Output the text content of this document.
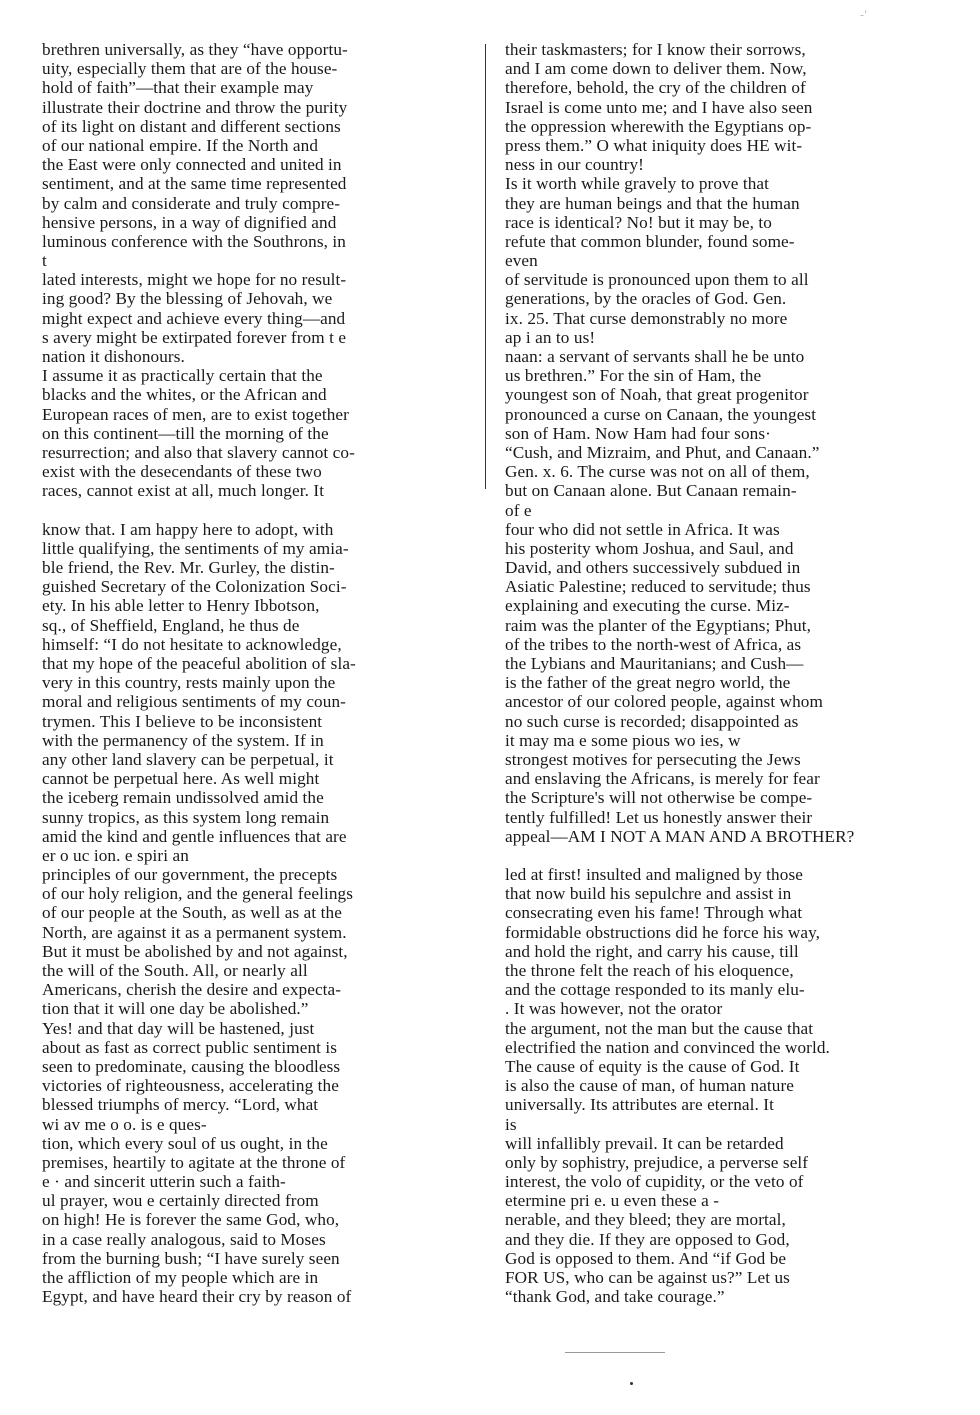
-'
brethren universally, as they “have opportu-
uity, especially them that are of the house-
hold of faith”—that their example may
illustrate their doctrine and throw the purity
of its light on distant and different sections
of our national empire. If the North and
the East were only connected and united in
sentiment, and at the same time represented
by calm and considerate and truly compre-
hensive persons, in a way of dignified and
luminous conference with the Southrons, in
t
lated interests, might we hope for no result-
ing good? By the blessing of Jehovah, we
might expect and achieve every thing—and
s avery might be extirpated forever from t e
nation it dishonours.
I assume it as practically certain that the
blacks and the whites, or the African and
European races of men, are to exist together
on this continent—till the morning of the
resurrection; and also that slavery cannot co-
exist with the desecendants of these two
races, cannot exist at all, much longer. It
know that. I am happy here to adopt, with
little qualifying, the sentiments of my amia-
ble friend, the Rev. Mr. Gurley, the distin-
guished Secretary of the Colonization Soci-
ety. In his able letter to Henry Ibbotson,
sq., of Sheffield, England, he thus de
himself: “I do not hesitate to acknowledge,
that my hope of the peaceful abolition of sla-
very in this country, rests mainly upon the
moral and religious sentiments of my coun-
trymen. This I believe to be inconsistent
with the permanency of the system. If in
any other land slavery can be perpetual, it
cannot be perpetual here. As well might
the iceberg remain undissolved amid the
sunny tropics, as this system long remain
amid the kind and gentle influences that are
er o uc ion. e spiri an
principles of our government, the precepts
of our holy religion, and the general feelings
of our people at the South, as well as at the
North, are against it as a permanent system.
But it must be abolished by and not against,
the will of the South. All, or nearly all
Americans, cherish the desire and expecta-
tion that it will one day be abolished.”
Yes! and that day will be hastened, just
about as fast as correct public sentiment is
seen to predominate, causing the bloodless
victories of righteousness, accelerating the
blessed triumphs of mercy. “Lord, what
wi av me o o. is e ques-
tion, which every soul of us ought, in the
premises, heartily to agitate at the throne of
e · and sincerit utterin such a faith-
ul prayer, wou e certainly directed from
on high! He is forever the same God, who,
in a case really analogous, said to Moses
from the burning bush; “I have surely seen
the affliction of my people which are in
Egypt, and have heard their cry by reason of
their taskmasters; for I know their sorrows,
and I am come down to deliver them. Now,
therefore, behold, the cry of the children of
Israel is come unto me; and I have also seen
the oppression wherewith the Egyptians op-
press them.” O what iniquity does HE wit-
ness in our country!
Is it worth while gravely to prove that
they are human beings and that the human
race is identical? No! but it may be, to
refute that common blunder, found some-
even
of servitude is pronounced upon them to all
generations, by the oracles of God. Gen.
ix. 25. That curse demonstrably no more
ap i an to us!
naan: a servant of servants shall he be unto
us brethren.” For the sin of Ham, the
youngest son of Noah, that great progenitor
pronounced a curse on Canaan, the youngest
son of Ham. Now Ham had four sons·
“Cush, and Mizraim, and Phut, and Canaan.”
Gen. x. 6. The curse was not on all of them,
but on Canaan alone. But Canaan remain-
of e
four who did not settle in Africa. It was
his posterity whom Joshua, and Saul, and
David, and others successively subdued in
Asiatic Palestine; reduced to servitude; thus
explaining and executing the curse. Miz-
raim was the planter of the Egyptians; Phut,
of the tribes to the north-west of Africa, as
the Lybians and Mauritanians; and Cush—
is the father of the great negro world, the
ancestor of our colored people, against whom
no such curse is recorded; disappointed as
it may ma e some pious wo ies, w
strongest motives for persecuting the Jews
and enslaving the Africans, is merely for fear
the Scripture's will not otherwise be compe-
tently fulfilled! Let us honestly answer their
appeal—AM I NOT A MAN AND A BROTHER?
led at first! insulted and maligned by those
that now build his sepulchre and assist in
consecrating even his fame! Through what
formidable obstructions did he force his way,
and hold the right, and carry his cause, till
the throne felt the reach of his eloquence,
and the cottage responded to its manly elu-
. It was however, not the orator
the argument, not the man but the cause that
electrified the nation and convinced the world.
The cause of equity is the cause of God. It
is also the cause of man, of human nature
universally. Its attributes are eternal. It
is
will infallibly prevail. It can be retarded
only by sophistry, prejudice, a perverse self
interest, the volo of cupidity, or the veto of
etermine pri e. u even these a -
nerable, and they bleed; they are mortal,
and they die. If they are opposed to God,
God is opposed to them. And “if God be
FOR US, who can be against us?” Let us
“thank God, and take courage.”
